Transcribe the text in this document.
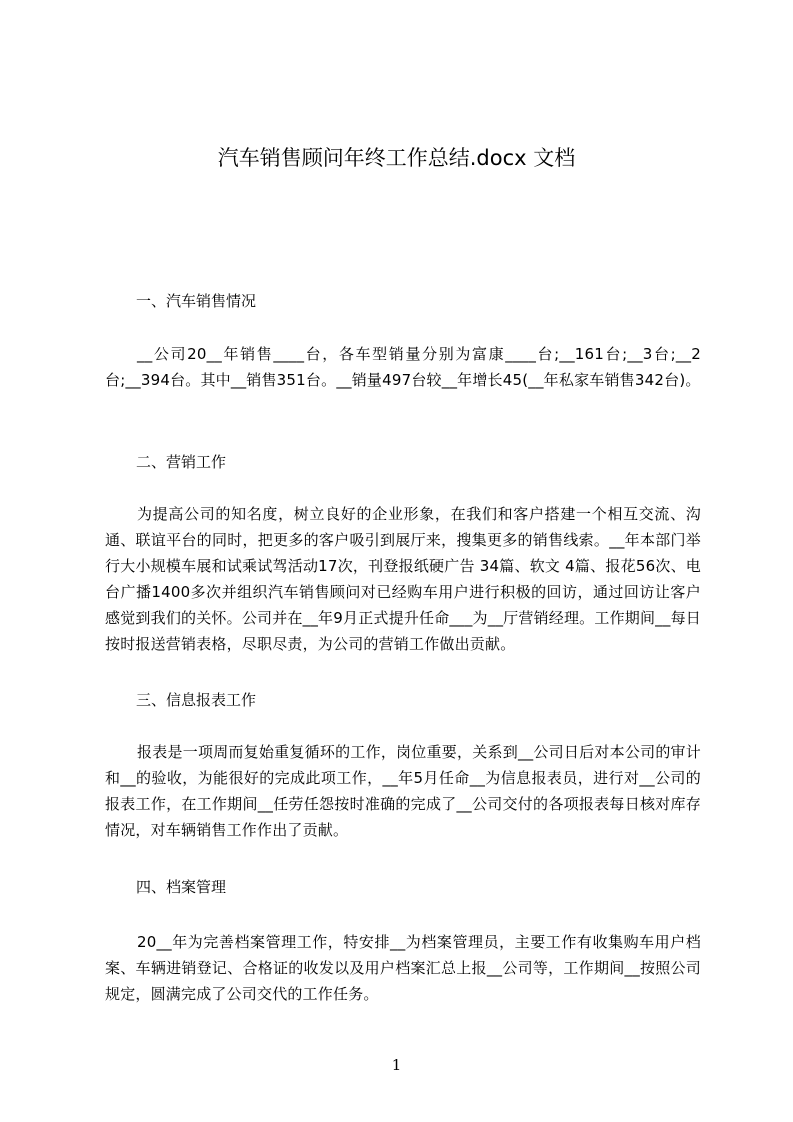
汽车销售顾问年终工作总结.docx 文档
一、汽车销售情况
__公司20__年销售____台，各车型销量分别为富康____台;__161台;__3台;__2台;__394台。其中__销售351台。__销量497台较__年增长45(__年私家车销售342台)。
二、营销工作
为提高公司的知名度，树立良好的企业形象，在我们和客户搭建一个相互交流、沟通、联谊平台的同时，把更多的客户吸引到展厅来，搜集更多的销售线索。__年本部门举行大小规模车展和试乘试驾活动17次，刊登报纸硬广告 34篇、软文 4篇、报花56次、电台广播1400多次并组织汽车销售顾问对已经购车用户进行积极的回访，通过回访让客户感觉到我们的关怀。公司并在__年9月正式提升任命___为__厅营销经理。工作期间__每日按时报送营销表格，尽职尽责，为公司的营销工作做出贡献。
三、信息报表工作
报表是一项周而复始重复循环的工作，岗位重要，关系到__公司日后对本公司的审计和__的验收，为能很好的完成此项工作，__年5月任命__为信息报表员，进行对__公司的报表工作，在工作期间__任劳任怨按时准确的完成了__公司交付的各项报表每日核对库存情况，对车辆销售工作作出了贡献。
四、档案管理
20__年为完善档案管理工作，特安排__为档案管理员，主要工作有收集购车用户档案、车辆进销登记、合格证的收发以及用户档案汇总上报__公司等，工作期间__按照公司规定，圆满完成了公司交代的工作任务。
1
